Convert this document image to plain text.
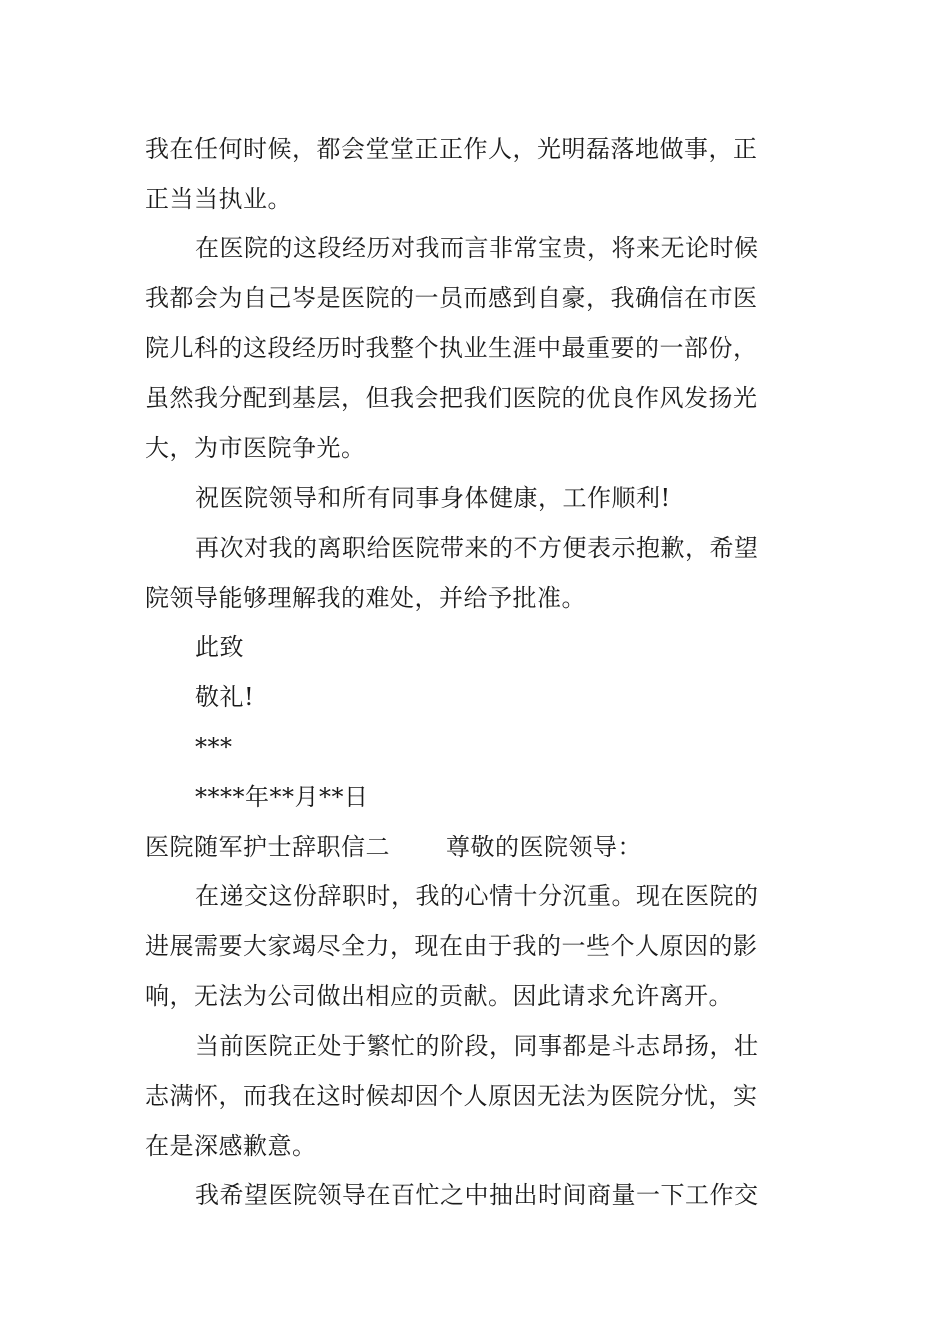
我在任何时候，都会堂堂正正作人，光明磊落地做事，正
正当当执业。
在医院的这段经历对我而言非常宝贵，将来无论时候
我都会为自己岑是医院的一员而感到自豪，我确信在市医
院儿科的这段经历时我整个执业生涯中最重要的一部份，
虽然我分配到基层，但我会把我们医院的优良作风发扬光
大，为市医院争光。
祝医院领导和所有同事身体健康，工作顺利!
再次对我的离职给医院带来的不方便表示抱歉，希望
院领导能够理解我的难处，并给予批准。
此致
敬礼!
***
****年**月**日
医院随军护士辞职信二 尊敬的医院领导：
在递交这份辞职时，我的心情十分沉重。现在医院的
进展需要大家竭尽全力，现在由于我的一些个人原因的影
响，无法为公司做出相应的贡献。因此请求允许离开。
当前医院正处于繁忙的阶段，同事都是斗志昂扬，壮
志满怀，而我在这时候却因个人原因无法为医院分忧，实
在是深感歉意。
我希望医院领导在百忙之中抽出时间商量一下工作交
